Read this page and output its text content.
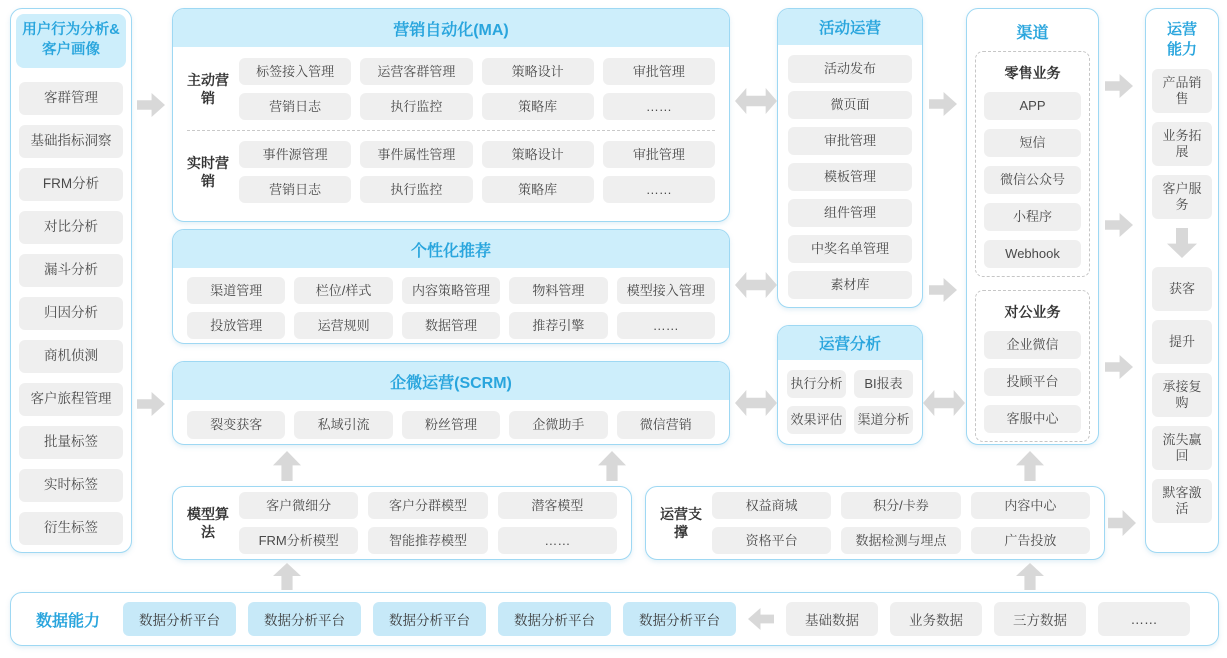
用户行为分析&客户画像
客群管理
基础指标洞察
FRM分析
对比分析
漏斗分析
归因分析
商机侦测
客户旅程管理
批量标签
实时标签
衍生标签
营销自动化(MA)
主动营销
标签接入管理	运营客群管理	策略设计	审批管理
营销日志	执行监控	策略库	……
实时营销
事件源管理	事件属性管理	策略设计	审批管理
营销日志	执行监控	策略库	……
个性化推荐
渠道管理	栏位/样式	内容策略管理	物料管理	模型接入管理
投放管理	运营规则	数据管理	推荐引擎	……
企微运营(SCRM)
裂变获客	私域引流	粉丝管理	企微助手	微信营销
活动运营
活动发布
微页面
审批管理
模板管理
组件管理
中奖名单管理
素材库
运营分析
执行分析	BI报表
效果评估 渠道分析
渠道
零售业务
APP
短信
微信公众号
小程序
Webhook
对公业务
企业微信
投顾平台
客服中心
运营能力
产品销售
业务拓展
客户服务
获客
提升
承接复购
流失赢回
默客激活
模型算法
客户微细分	客户分群模型	潜客模型
FRM分析模型	智能推荐模型	……
运营支撑
权益商城	积分/卡券	内容中心
资格平台	数据检测与埋点	广告投放
数据能力	数据分析平台	数据分析平台	数据分析平台	数据分析平台	数据分析平台	基础数据	业务数据	三方数据	……
